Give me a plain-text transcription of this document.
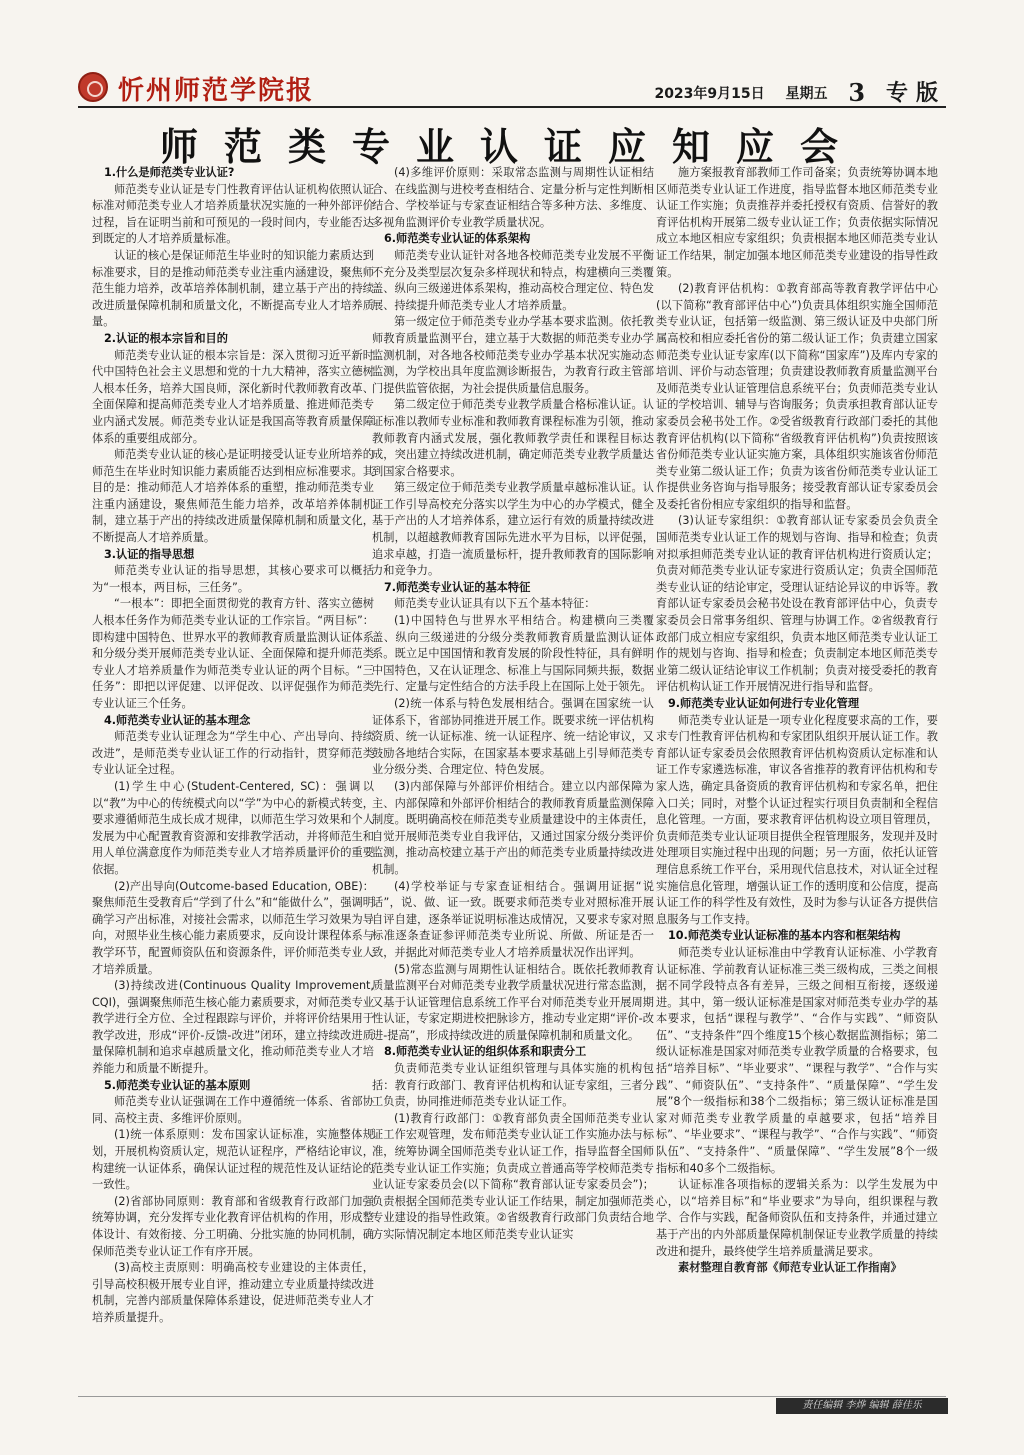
忻州师范学院报	2023年9月15日 星期五 3 专版
师范类专业认证应知应会
1.什么是师范类专业认证?
师范类专业认证是专门性教育评估认证机构依照认证标准对师范类专业人才培养质量状况实施的一种外部评价过程，旨在证明当前和可预见的一段时间内，专业能否达到既定的人才培养质量标准。
认证的核心是保证师范生毕业时的知识能力素质达到标准要求，目的是推动师范类专业注重内涵建设，聚焦师范生能力培养，改革培养体制机制，建立基于产出的持续改进质量保障机制和质量文化，不断提高专业人才培养质量。
2.认证的根本宗旨和目的
师范类专业认证的根本宗旨是：深入贯彻习近平新时代中国特色社会主义思想和党的十九大精神，落实立德树人根本任务，培养大国良师，深化新时代教师教育改革、全面保障和提高师范类专业人才培养质量、推进师范类专业内涵式发展。师范类专业认证是我国高等教育质量保障体系的重要组成部分。
师范类专业认证的核心是证明接受认证专业所培养的师范生在毕业时知识能力素质能否达到相应标准要求。其目的是：推动师范人才培养体系的重塑，推动师范类专业注重内涵建设，聚焦师范生能力培养，改革培养体制机制，建立基于产出的持续改进质量保障机制和质量文化，不断提高人才培养质量。
3.认证的指导思想
师范类专业认证的指导思想，其核心要求可以概括为“一根本，两目标，三任务”。
“一根本”：即把全面贯彻党的教育方针、落实立德树人根本任务作为师范类专业认证的工作宗旨。“两目标”：即构建中国特色、世界水平的教师教育质量监测认证体系和分级分类开展师范类专业认证、全面保障和提升师范类专业人才培养质量作为师范类专业认证的两个目标。“三任务”：即把以评促建、以评促改、以评促强作为师范类专业认证三个任务。
4.师范类专业认证的基本理念
师范类专业认证理念为“学生中心、产出导向、持续改进”，是师范类专业认证工作的行动指针，贯穿师范类专业认证全过程。
(1)学生中心(Student-Centered, SC)：强调以以“教”为中心的传统模式向以“学”为中心的新模式转变，要求遵循师范生成长成才规律，以师范生学习效果和个人发展为中心配置教育资源和安排教学活动，并将师范生和用人单位满意度作为师范类专业人才培养质量评价的重要依据。
(2)产出导向(Outcome-based Education, OBE)：聚焦师范生受教育后“学到了什么”和“能做什么”，强调明确学习产出标准，对接社会需求，以师范生学习效果为导向，对照毕业生核心能力素质要求，反向设计课程体系与教学环节，配置师资队伍和资源条件，评价师范类专业人才培养质量。
(3)持续改进(Continuous Quality Improvement, CQI)，强调聚焦师范生核心能力素质要求，对师范类专业教学进行全方位、全过程跟踪与评价，并将评价结果用于教学改进，形成“评价-反馈-改进”闭环，建立持续改进质量保障机制和追求卓越质量文化，推动师范类专业人才培养能力和质量不断提升。
5.师范类专业认证的基本原则
师范类专业认证强调在工作中遵循统一体系、省部协同、高校主责、多维评价原则。
(1)统一体系原则：发布国家认证标准，实施整体规划，开展机构资质认定，规范认证程序，严格结论审议，构建统一认证体系，确保认证过程的规范性及认证结论的一致性。
(2)省部协同原则：教育部和省级教育行政部门加强统筹协调，充分发挥专业化教育评估机构的作用，形成整体设计、有效衔接、分工明确、分批实施的协同机制，确保师范类专业认证工作有序开展。
(3)高校主责原则：明确高校专业建设的主体责任，引导高校积极开展专业自评，推动建立专业质量持续改进机制，完善内部质量保障体系建设，促进师范类专业人才培养质量提升。
(4)多维评价原则：采取常态监测与周期性认证相结合、在线监测与进校考查相结合、定量分析与定性判断相结合、学校举证与专家查证相结合等多种方法、多维度、多视角监测评价专业教学质量状况。
6.师范类专业认证的体系架构
师范类专业认证针对各地各校师范类专业发展不平衡不充分及类型层次复杂多样现状和特点，构建横向三类覆盖、纵向三级递进体系架构，推动高校合理定位、特色发展、持续提升师范类专业人才培养质量。
第一级定位于师范类专业办学基本要求监测。依托教师教育质量监测平台，建立基于大数据的师范类专业办学监测机制，对各地各校师范类专业办学基本状况实施动态监测，为学校出具年度监测诊断报告，为教育行政主管部门提供监管依据，为社会提供质量信息服务。
第二级定位于师范类专业教学质量合格标准认证。认证标准以教师专业标准和教师教育课程标准为引领，推动教师教育内涵式发展，强化教师教学责任和课程目标达成，突出建立持续改进机制，确定师范类专业教学质量达到国家合格要求。
第三级定位于师范类专业教学质量卓越标准认证。认证工作引导高校充分落实以学生为中心的办学模式，健全基于产出的人才培养体系，建立运行有效的质量持续改进机制，以超越教师教育国际先进水平为目标，以评促强，追求卓越，打造一流质量标杆，提升教师教育的国际影响力和竞争力。
7.师范类专业认证的基本特征
师范类专业认证具有以下五个基本特征：
(1)中国特色与世界水平相结合。构建横向三类覆盖、纵向三级递进的分级分类教师教育质量监测认证体系。既立足中国国情和教育发展的阶段性特征，具有鲜明中国特色，又在认证理念、标准上与国际同频共振，数据先行、定量与定性结合的方法手段上在国际上处于领先。
(2)统一体系与特色发展相结合。强调在国家统一认证体系下，省部协同推进开展工作。既要求统一评估机构资质、统一认证标准、统一认证程序、统一结论审议，又鼓励各地结合实际，在国家基本要求基础上引导师范类专业分级分类、合理定位、特色发展。
(3)内部保障与外部评价相结合。建立以内部保障为主、内部保障和外部评价相结合的教师教育质量监测保障制度。既明确高校在师范类专业质量建设中的主体责任，自觉开展师范类专业自我评估，又通过国家分级分类评价监测，推动高校建立基于产出的师范类专业质量持续改进机制。
(4)学校举证与专家查证相结合。强调用证据“说话”，说、做、证一致。既要求师范类专业对照标准开展自评自建，逐条举证说明标准达成情况，又要求专家对照标准逐条查证参评师范类专业所说、所做、所证是否一致，并据此对师范类专业人才培养质量状况作出评判。
(5)常态监测与周期性认证相结合。既依托教师教育质量监测平台对师范类专业教学质量状况进行常态监测，又基于认证管理信息系统工作平台对师范类专业开展周期性认证，专家定期进校把脉诊方，推动专业定期“评价-改进-提高”，形成持续改进的质量保障机制和质量文化。
8.师范类专业认证的组织体系和职责分工
负责师范类专业认证组织管理与具体实施的机构包括：教育行政部门、教育评估机构和认证专家组，三者分工负责，协同推进师范类专业认证工作。
(1)教育行政部门：①教育部负责全国师范类专业认证工作宏观管理，发布师范类专业认证工作实施办法与标准，统筹协调全国师范类专业认证工作，指导监督全国师范类专业认证工作实施；负责成立普通高等学校师范类专业认证专家委员会(以下简称“教育部认证专家委员会”)；负责根据全国师范类专业认证工作结果，制定加强师范类专业建设的指导性政策。②省级教育行政部门负责结合地方实际情况制定本地区师范类专业认证实
施方案报教育部教师工作司备案；负责统筹协调本地区师范类专业认证工作进度，指导监督本地区师范类专业认证工作实施；负责推荐并委托授权有资质、信誉好的教育评估机构开展第二级专业认证工作；负责依据实际情况成立本地区相应专家组织；负责根据本地区师范类专业认证工作结果，制定加强本地区师范类专业建设的指导性政策。
(2)教育评估机构：①教育部高等教育教学评估中心(以下简称“教育部评估中心”)负责具体组织实施全国师范类专业认证，包括第一级监测、第三级认证及中央部门所属高校和相应委托省份的第二级认证工作；负责建立国家师范类专业认证专家库(以下简称“国家库”)及库内专家的培训、评价与动态管理；负责建设教师教育质量监测平台及师范类专业认证管理信息系统平台；负责师范类专业认证的学校培训、辅导与咨询服务；负责承担教育部认证专家委员会秘书处工作。②受省级教育行政部门委托的其他教育评估机构(以下简称“省级教育评估机构”)负责按照该省份师范类专业认证实施方案，具体组织实施该省份师范类专业第二级认证工作；负责为该省份师范类专业认证工作提供业务咨询与指导服务；接受教育部认证专家委员会及委托省份相应专家组织的指导和监督。
(3)认证专家组织：①教育部认证专家委员会负责全国师范类专业认证工作的规划与咨询、指导和检查；负责对拟承担师范类专业认证的教育评估机构进行资质认定；负责对师范类专业认证专家进行资质认定；负责全国师范类专业认证的结论审定，受理认证结论异议的申诉等。教育部认证专家委员会秘书处设在教育部评估中心，负责专家委员会日常事务组织、管理与协调工作。②省级教育行政部门成立相应专家组织，负责本地区师范类专业认证工作的规划与咨询、指导和检查；负责制定本地区师范类专业第二级认证结论审议工作机制；负责对接受委托的教育评估机构认证工作开展情况进行指导和监督。
9.师范类专业认证如何进行专业化管理
师范类专业认证是一项专业化程度要求高的工作，要求专门性教育评估机构和专家团队组织开展认证工作。教育部认证专家委员会依照教育评估机构资质认定标准和认证工作专家遴选标准，审议各省推荐的教育评估机构和专家人选，确定具备资质的教育评估机构和专家名单，把住入口关；同时，对整个认证过程实行项目负责制和全程信息化管理。一方面，要求教育评估机构设立项目管理员，负责师范类专业认证项目提供全程管理服务，发现并及时处理项目实施过程中出现的问题；另一方面，依托认证管理信息系统工作平台，采用现代信息技术，对认证全过程实施信息化管理，增强认证工作的透明度和公信度，提高认证工作的科学性及有效性，及时为参与认证各方提供信息服务与工作支持。
10.师范类专业认证标准的基本内容和框架结构
师范类专业认证标准由中学教育认证标准、小学教育认证标准、学前教育认证标准三类三级构成，三类之间根据不同学段特点各有差异，三级之间相互衔接，逐级递进。其中，第一级认证标准是国家对师范类专业办学的基本要求，包括“课程与教学”、“合作与实践”、“师资队伍”、“支持条件”四个维度15个核心数据监测指标；第二级认证标准是国家对师范类专业教学质量的合格要求，包括“培养目标”、“毕业要求”、“课程与教学”、“合作与实践”、“师资队伍”、“支持条件”、“质量保障”、“学生发展”8个一级指标和38个二级指标；第三级认证标准是国家对师范类专业教学质量的卓越要求，包括“培养目标”、“毕业要求”、“课程与教学”、“合作与实践”、“师资队伍”、“支持条件”、“质量保障”、“学生发展”8个一级指标和40多个二级指标。
认证标准各项指标的逻辑关系为：以学生发展为中心，以“培养目标”和“毕业要求”为导向，组织课程与教学、合作与实践，配备师资队伍和支持条件，并通过建立基于产出的内外部质量保障机制保证专业教学质量的持续改进和提升，最终使学生培养质量满足要求。
素材整理自教育部《师范专业认证工作指南》
责任编辑 李烨 编辑 薛佳乐
